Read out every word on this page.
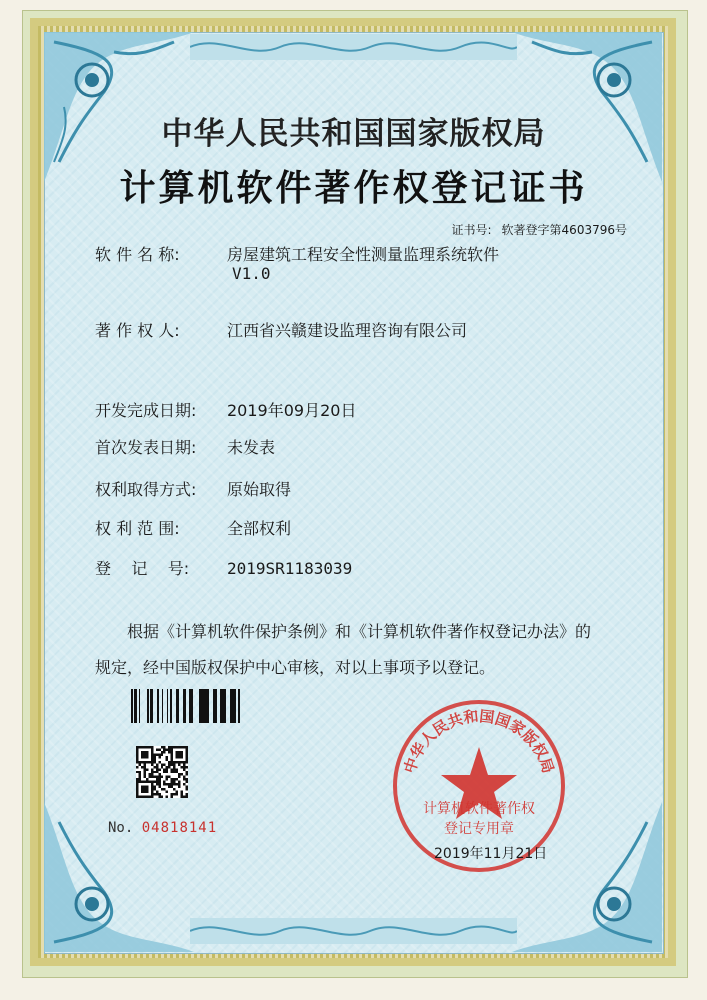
中华人民共和国国家版权局
计算机软件著作权登记证书
证书号: 软著登字第4603796号
软 件 名 称:	房屋建筑工程安全性测量监理系统软件
V1.0
著 作 权 人:	江西省兴赣建设监理咨询有限公司
开发完成日期: 2019年09月20日
首次发表日期: 未发表
权利取得方式: 原始取得
权 利 范 围:	全部权利
登    记    号: 2019SR1183039
根据《计算机软件保护条例》和《计算机软件著作权登记办法》的
规定，经中国版权保护中心审核，对以上事项予以登记。
No. 04818141
中华人民共和国国家版权局
计算机软件著作权
登记专用章
2019年11月21日
